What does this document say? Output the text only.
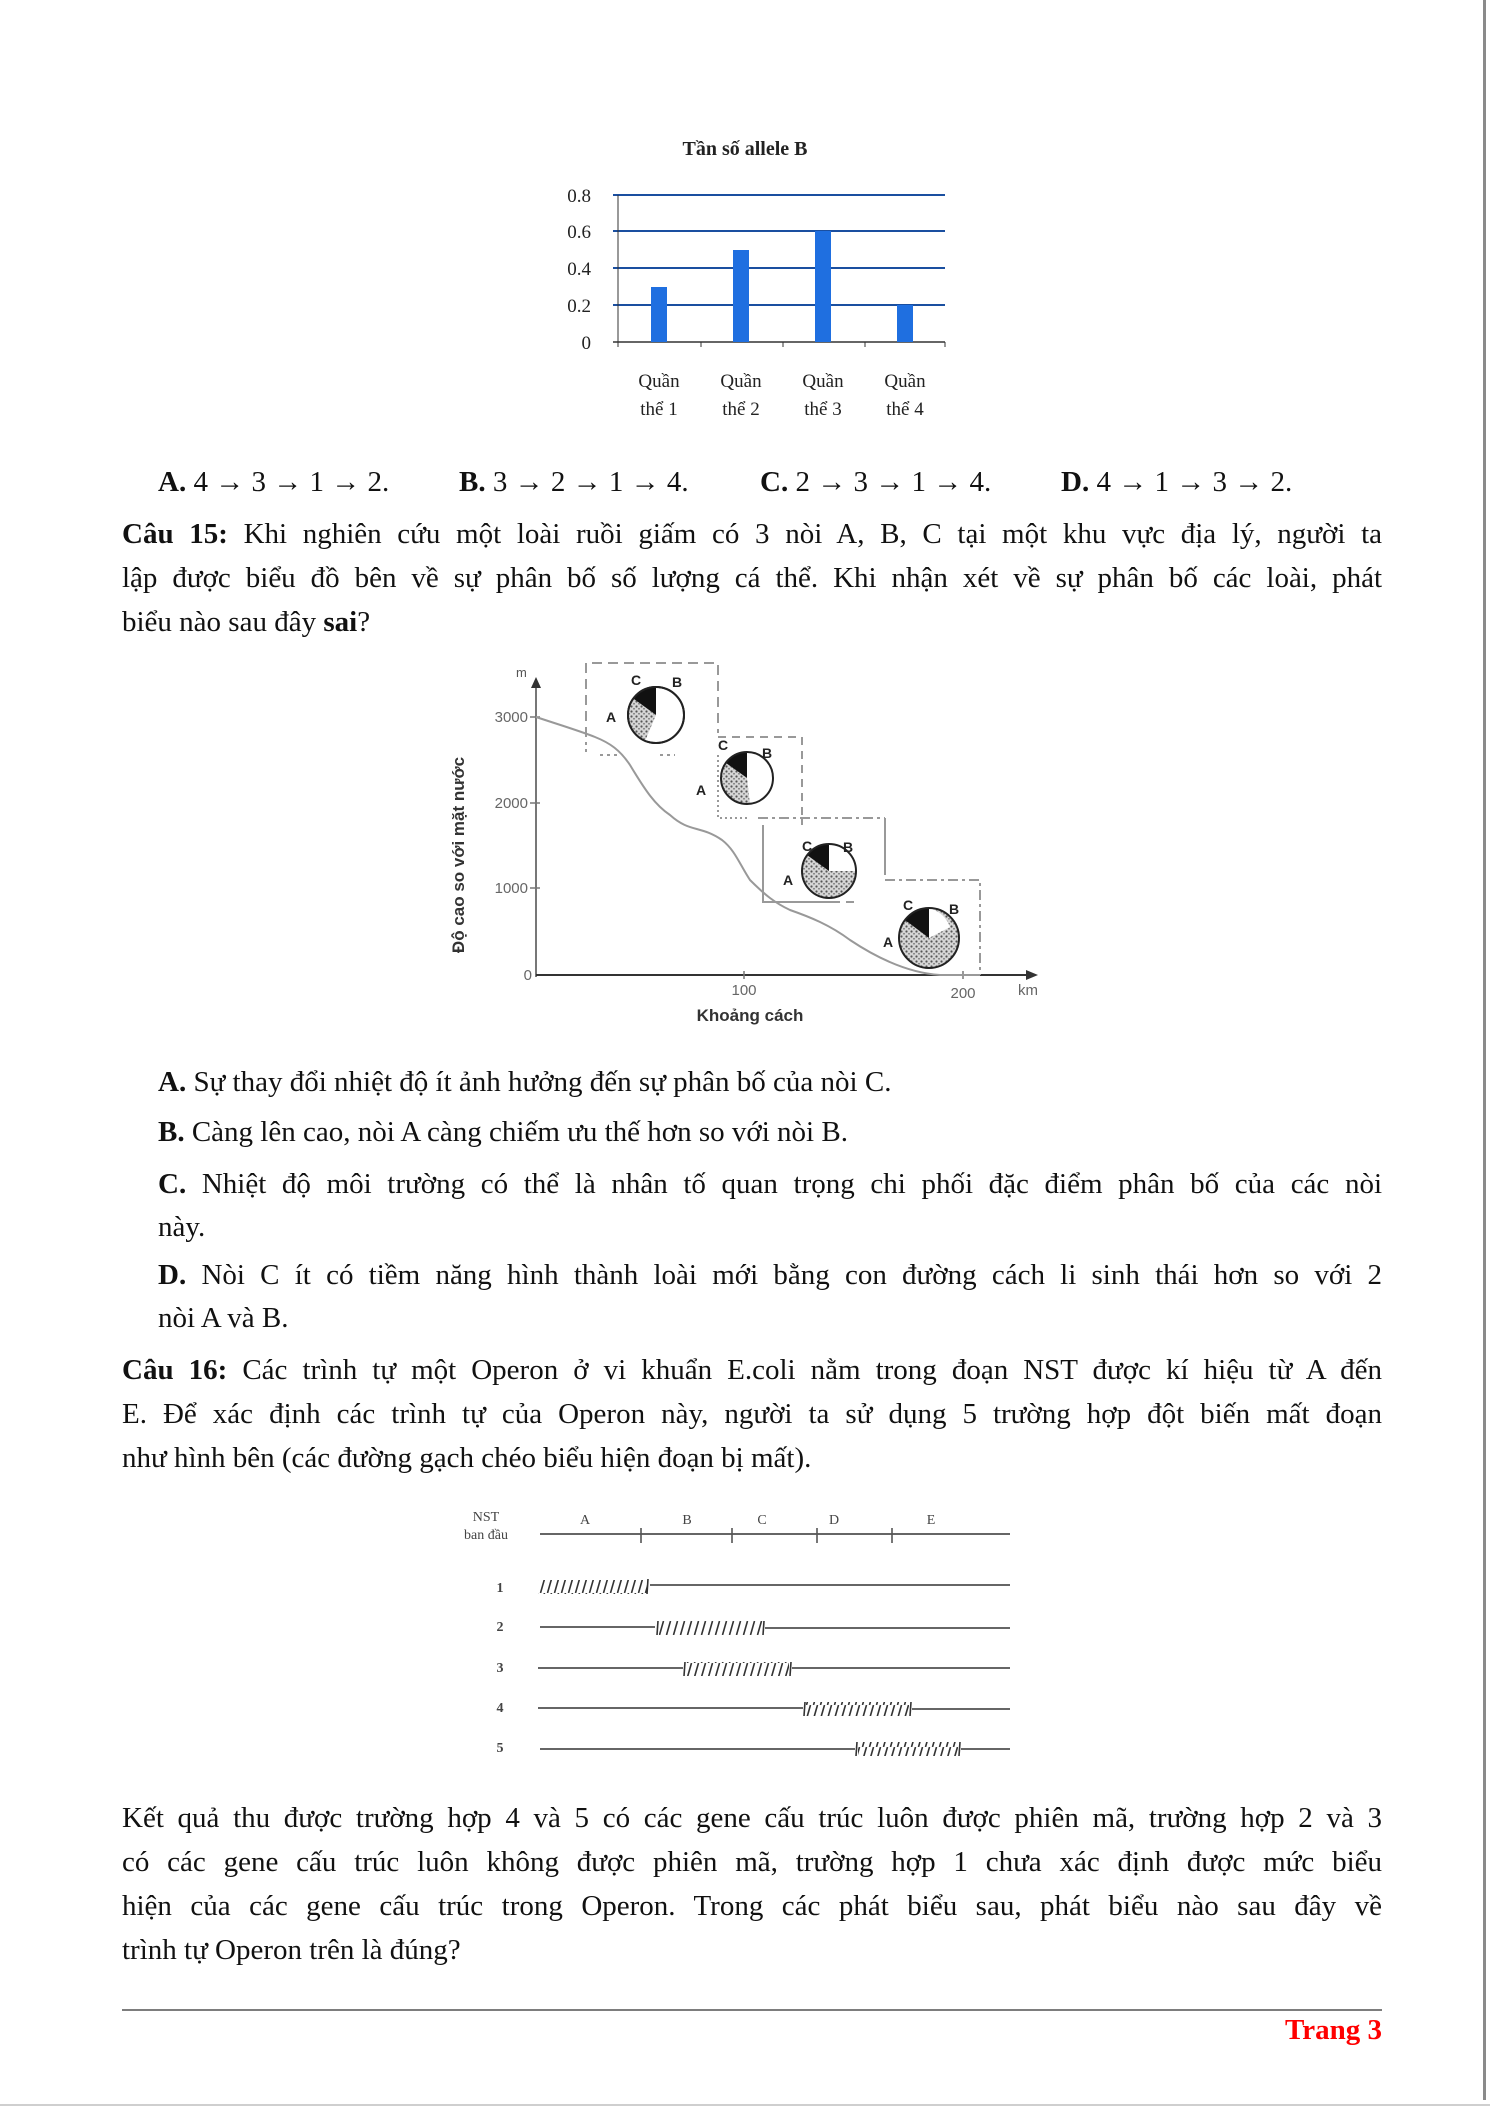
Tần số allele B
0.8
0.6
0.4
0.2
0
Quần
thể 1
Quần
thể 2
Quần
thể 3
Quần
thể 4
A. 4 → 3 → 1 → 2. B. 3 → 2 → 1 → 4. C. 2 → 3 → 1 → 4. D. 4 → 1 → 3 → 2.
Câu 15: Khi nghiên cứu một loài ruồi giấm có 3 nòi A, B, C tại một khu vực địa lý, người ta
lập được biểu đồ bên về sự phân bố số lượng cá thể. Khi nhận xét về sự phân bố các loài, phát
biểu nào sau đây sai?
Độ cao so với mặt nước
m
3000
2000
1000
0
100	200	km
Khoảng cách
C B
A
C B
A
C B
A
C	B
A
A. Sự thay đổi nhiệt độ ít ảnh hưởng đến sự phân bố của nòi C.
B. Càng lên cao, nòi A càng chiếm ưu thế hơn so với nòi B.
C. Nhiệt độ môi trường có thể là nhân tố quan trọng chi phối đặc điểm phân bố của các nòi
này.
D. Nòi C ít có tiềm năng hình thành loài mới bằng con đường cách li sinh thái hơn so với 2
nòi A và B.
Câu 16: Các trình tự một Operon ở vi khuẩn E.coli nằm trong đoạn NST được kí hiệu từ A đến
E. Để xác định các trình tự của Operon này, người ta sử dụng 5 trường hợp đột biến mất đoạn
như hình bên (các đường gạch chéo biểu hiện đoạn bị mất).
NST
ban đầu
A	B	C	D	E
1
2
3
4
5
Kết quả thu được trường hợp 4 và 5 có các gene cấu trúc luôn được phiên mã, trường hợp 2 và 3
có các gene cấu trúc luôn không được phiên mã, trường hợp 1 chưa xác định được mức biểu
hiện của các gene cấu trúc trong Operon. Trong các phát biểu sau, phát biểu nào sau đây về
trình tự Operon trên là đúng?
Trang 3
